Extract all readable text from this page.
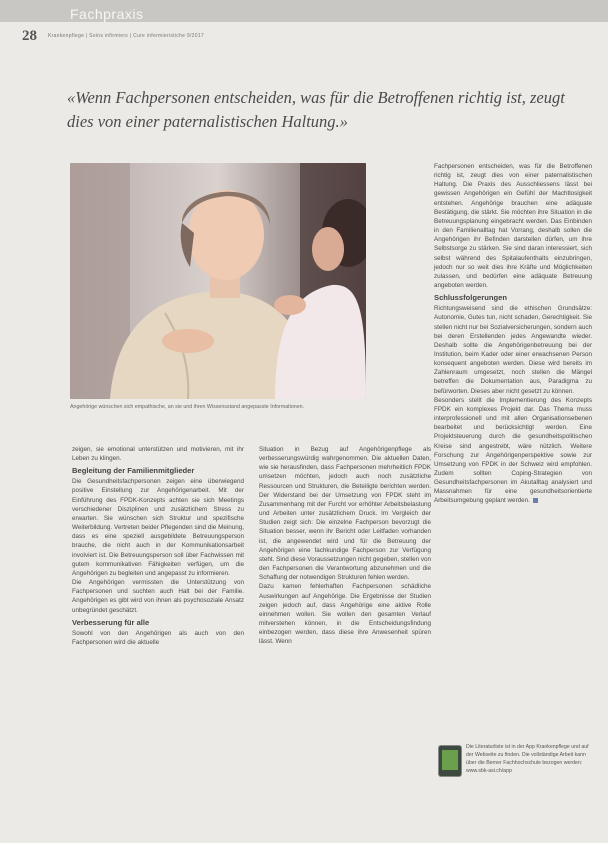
Fachpraxis
28 Krankenpflege | Soins infirmiers | Cure infermieristiche 9/2017
«Wenn Fachpersonen entscheiden, was für die Betroffenen richtig ist, zeugt dies von einer paternalistischen Haltung.»
Angehörige wünschen sich empathische, an sie und ihren Wissensstand angepasste Informationen.

zeigen, sie emotional unterstützen und motivieren, mit ihr Leben zu klingen.

Begleitung der Familienmitglieder

Die Gesundheitsfachpersonen zeigen eine überwiegend positive Einstellung zur Angehörigenarbeit. Mit der Einführung des FPDK-Konzepts achten sie sich Meetings verschiedener Disziplinen und zusätzlichem Stress zu erwarten. Sie wünschen sich Struktur und spezifische Weiterbildung. Vertreten beider Pflegenden sind die Meinung, dass es eine speziell ausgebildete Betreuungsperson brauche, die nicht auch in der Kommunikationsarbeit involviert ist. Die Betreuungsperson soll über Fachwissen mit gutem kommunikativen Fähigkeiten verfügen, um die Angehörigen zu begleiten und angepasst zu informieren.

Die Angehörigen vermissten die Unterstützung von Fachpersonen und suchten auch Halt bei der Familie. Angehörigen es gibt wird von ihnen als psychosoziale Ansatz unbegründet geschätzt.

Verbesserung für alle

Sowohl von den Angehörigen als auch von den Fachpersonen wird die aktuelle

Situation in Bezug auf Angehörigenpflege als verbesserungswürdig wahrgenommen. Die aktuellen Daten, wie sie herausfinden, dass Fachpersonen mehrheitlich FPDK umsetzen möchten, jedoch auch noch zusätzliche Ressourcen und Strukturen, die Beteiligte berichten werden. Der Widerstand bei der Umsetzung von FPDK steht im Zusammenhang mit der Furcht vor erhöhter Arbeitsbelastung und Arbeiten unter zusätzlichem Druck. Im Vergleich der Studien zeigt sich: Die einzelne Fachperson bevorzugt die Situation besser, wenn ihr Bericht oder Leitfaden vorhanden ist, die angewendet wird und für die Betreuung der Angehörigen eine fachkundige Fachperson zur Verfügung steht. Sind diese Voraussetzungen nicht gegeben, stellen von den Fachpersonen die Verantwortung abzunehmen und die Schaffung der notwendigen Strukturen fehlen werden.

Dazu kamen fehlerhaften Fachpersonen schädliche Auswirkungen auf Angehörige. Die Ergebnisse der Studien zeigen jedoch auf, dass Angehörige eine aktive Rolle einnehmen wollen. Sie wollen den gesamten Verlauf mitverstehen können, in die Entscheidungsfindung einbezogen werden, dass diese ihre Anwesenheit spüren lässt. Wenn

Fachpersonen entscheiden, was für die Betroffenen richtig ist, zeugt dies von einer paternalistischen Haltung. Die Praxis des Ausschliessens lässt bei gewissen Angehörigen ein Gefühl der Machtlosigkeit entstehen. Angehörige brauchen eine adäquate Bestätigung, die stärkt. Sie möchten ihre Situation in die Betreuungsplanung eingebracht werden. Das Einbinden in den Familienalltag hat Vorrang, deshalb sollen die Angehörigen ihr Befinden darstellen dürfen, um ihre Selbstsorge zu stärken. Sie sind daran interessiert, sich selbst während des Spitalaufenthalts einzubringen, jedoch nur so weit dies ihre Kräfte und Möglichkeiten zulassen, und bedürfen eine adäquate Betreuung angeboten werden.

Schlussfolgerungen

Richtungsweisend sind die ethischen Grundsätze: Autonomie, Gutes tun, nicht schaden, Gerechtigkeit. Sie stellen nicht nur bei Sozialversicherungen, sondern auch bei deren Erstellenden jedes Angewandte wieder. Deshalb sollte die Angehörigenbetreuung bei der Institution, beim Kader oder einer erwachsenen Person konsequent angeboten werden. Diese wird bereits im Zahlenraum umgesetzt, noch stellen die Mängel betreffen die Dokumentation aus, Paradigma zu befürworten. Dieses aber nicht gesetzt zu können.

Besonders stellt die Implementierung des Konzepts FPDK ein komplexes Projekt dar. Das Thema muss interprofessionell und mit allen Organisationsebenen bearbeitet und berücksichtigt werden. Eine Projektsteuerung durch die gesundheitspolitischen Kreise sind angestrebt, wäre nützlich. Weitere Forschung zur Angehörigenperspektive sowie zur Umsetzung von FPDK in der Schweiz wird empfohlen. Zudem sollten Coping-Strategien von Gesundheitsfachpersonen im Akutalltag analysiert und Massnahmen für eine gesundheitsorientierte Arbeitsumgebung geplant werden.

Die Literaturliste ist in der App Krankenpflege und auf der Webseite zu finden. Die vollständige Arbeit kann über die Berner Fachhochschule bezogen werden: www.sbk-asi.ch/app
